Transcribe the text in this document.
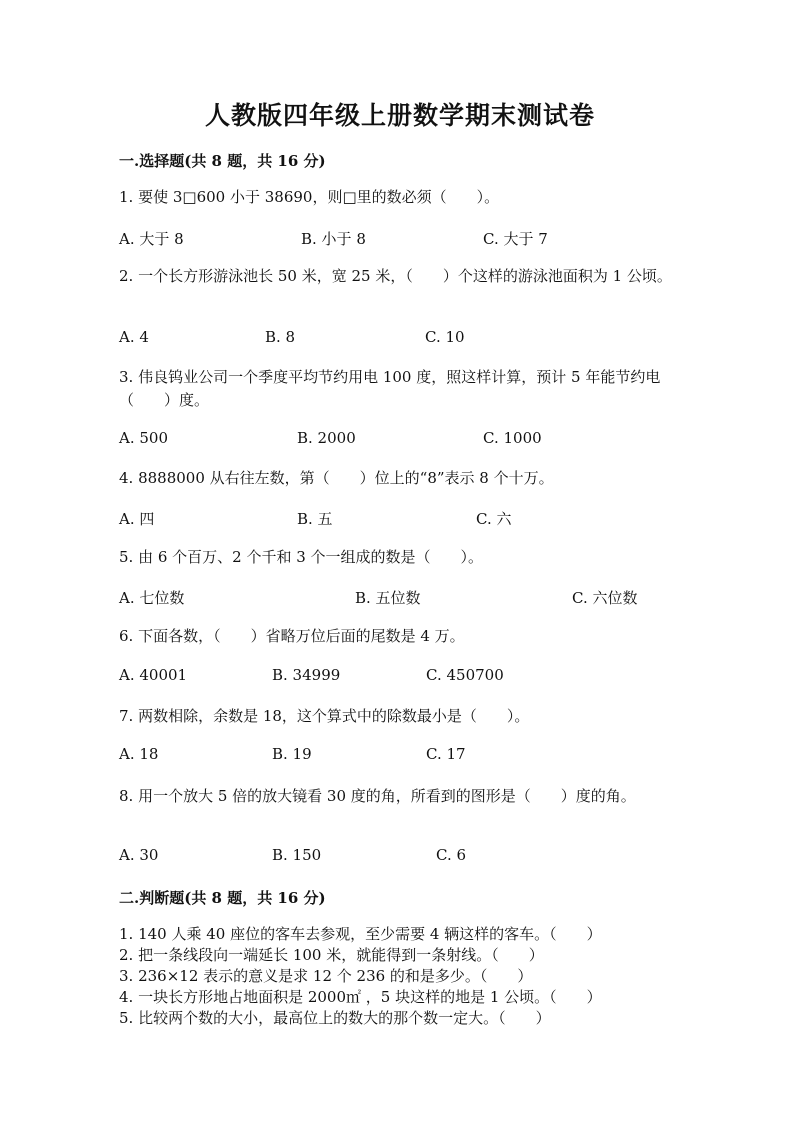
人教版四年级上册数学期末测试卷
一.选择题(共 8 题，共 16 分)
1. 要使 3□600 小于 38690，则□里的数必须（　　）。
A. 大于 8	B. 小于 8	C. 大于 7
2. 一个长方形游泳池长 50 米，宽 25 米，（　　）个这样的游泳池面积为 1 公顷。
A. 4	B. 8	C. 10
3. 伟良钨业公司一个季度平均节约用电 100 度，照这样计算，预计 5 年能节约电（　　）度。
A. 500	B. 2000	C. 1000
4. 8888000 从右往左数，第（　　）位上的“8”表示 8 个十万。
A. 四	B. 五	C. 六
5. 由 6 个百万、2 个千和 3 个一组成的数是（　　）。
A. 七位数	B. 五位数	C. 六位数
6. 下面各数，（　　）省略万位后面的尾数是 4 万。
A. 40001	B. 34999	C. 450700
7. 两数相除，余数是 18，这个算式中的除数最小是（　　）。
A. 18	B. 19	C. 17
8. 用一个放大 5 倍的放大镜看 30 度的角，所看到的图形是（　　）度的角。
A. 30	B. 150	C. 6
二.判断题(共 8 题，共 16 分)
1. 140 人乘 40 座位的客车去参观，至少需要 4 辆这样的客车。（　　）
2. 把一条线段向一端延长 100 米，就能得到一条射线。（　　）
3. 236×12 表示的意义是求 12 个 236 的和是多少。（　　）
4. 一块长方形地占地面积是 2000㎡ ，5 块这样的地是 1 公顷。（　　）
5. 比较两个数的大小，最高位上的数大的那个数一定大。（　　）
